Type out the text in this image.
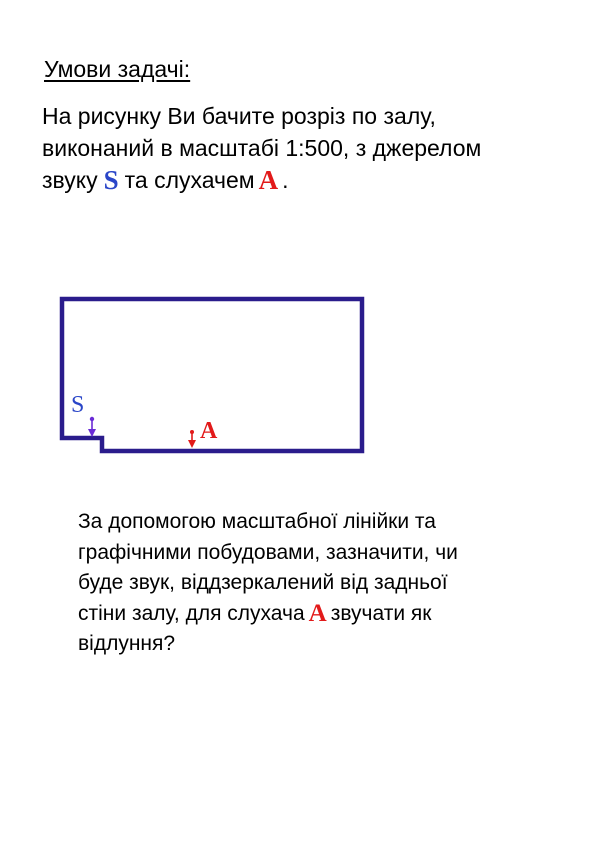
Умови задачі:
На рисунку Ви бачите розріз по залу,
виконаний в масштабі 1:500, з джерелом
звуку S та слухачем A .
S
A
За допомогою масштабної лінійки та
графічними побудовами, зазначити, чи
буде звук, віддзеркалений від задньої
стіни залу, для слухача A звучати як
відлуння?
